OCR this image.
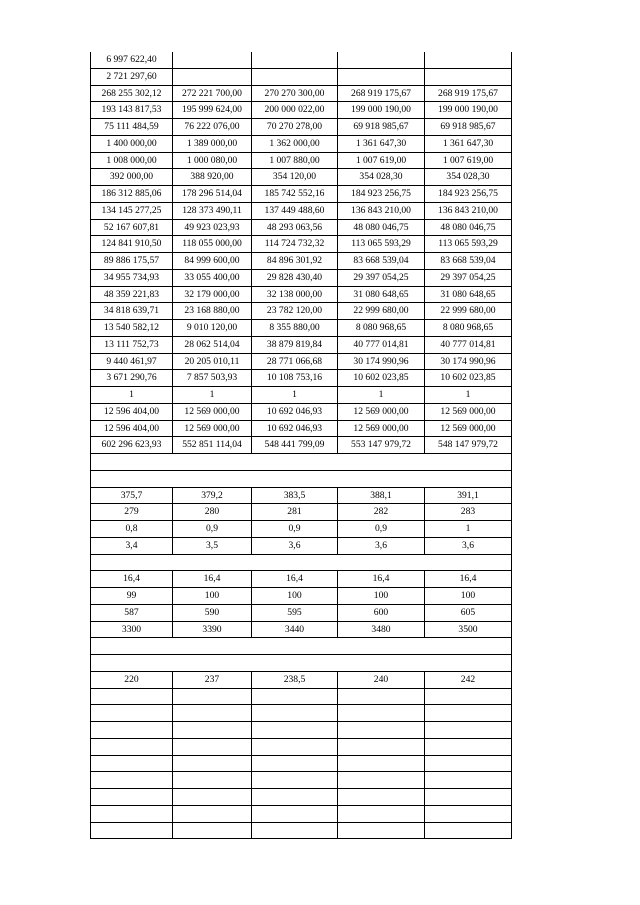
6 997 622,40				
2 721 297,60				
268 255 302,12	272 221 700,00	270 270 300,00	268 919 175,67	268 919 175,67
193 143 817,53	195 999 624,00	200 000 022,00	199 000 190,00	199 000 190,00
75 111 484,59	76 222 076,00	70 270 278,00	69 918 985,67	69 918 985,67
1 400 000,00	1 389 000,00	1 362 000,00	1 361 647,30	1 361 647,30
1 008 000,00	1 000 080,00	1 007 880,00	1 007 619,00	1 007 619,00
392 000,00	388 920,00	354 120,00	354 028,30	354 028,30
186 312 885,06	178 296 514,04	185 742 552,16	184 923 256,75	184 923 256,75
134 145 277,25	128 373 490,11	137 449 488,60	136 843 210,00	136 843 210,00
52 167 607,81	49 923 023,93	48 293 063,56	48 080 046,75	48 080 046,75
124 841 910,50	118 055 000,00	114 724 732,32	113 065 593,29	113 065 593,29
89 886 175,57	84 999 600,00	84 896 301,92	83 668 539,04	83 668 539,04
34 955 734,93	33 055 400,00	29 828 430,40	29 397 054,25	29 397 054,25
48 359 221,83	32 179 000,00	32 138 000,00	31 080 648,65	31 080 648,65
34 818 639,71	23 168 880,00	23 782 120,00	22 999 680,00	22 999 680,00
13 540 582,12	9 010 120,00	8 355 880,00	8 080 968,65	8 080 968,65
13 111 752,73	28 062 514,04	38 879 819,84	40 777 014,81	40 777 014,81
9 440 461,97	20 205 010,11	28 771 066,68	30 174 990,96	30 174 990,96
3 671 290,76	7 857 503,93	10 108 753,16	10 602 023,85	10 602 023,85
1	1	1	1	1
12 596 404,00	12 569 000,00	10 692 046,93	12 569 000,00	12 569 000,00
12 596 404,00	12 569 000,00	10 692 046,93	12 569 000,00	12 569 000,00
602 296 623,93	552 851 114,04	548 441 799,09	553 147 979,72	548 147 979,72

375,7	379,2	383,5	388,1	391,1
279	280	281	282	283
0,8	0,9	0,9	0,9	1
3,4	3,5	3,6	3,6	3,6

16,4	16,4	16,4	16,4	16,4
99	100	100	100	100
587	590	595	600	605
3300	3390	3440	3480	3500

220	237	238,5	240	242
